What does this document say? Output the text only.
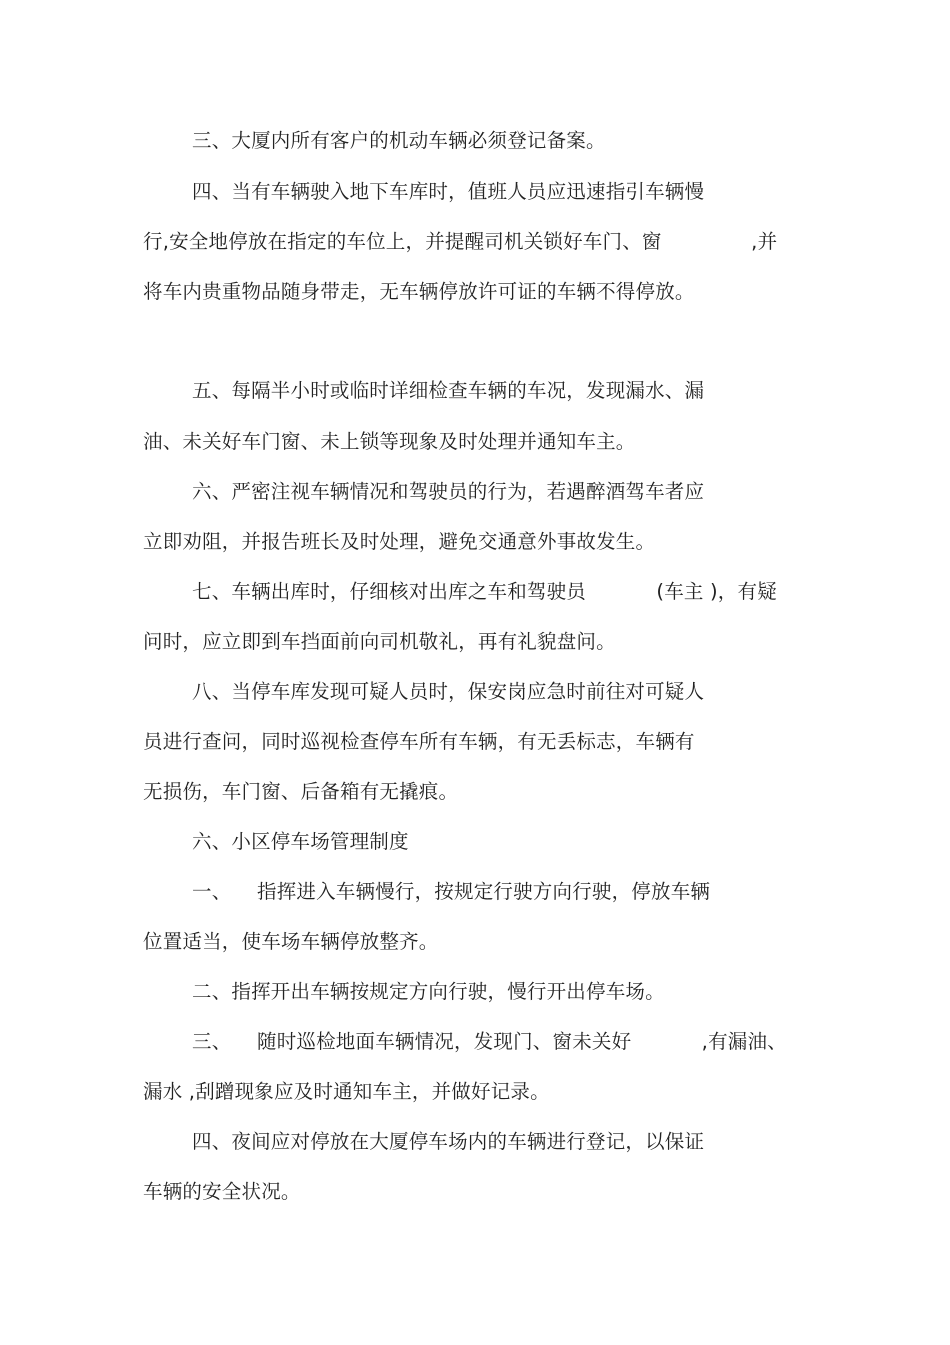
三、大厦内所有客户的机动车辆必须登记备案。
四、当有车辆驶入地下车库时，值班人员应迅速指引车辆慢
行,安全地停放在指定的车位上，并提醒司机关锁好车门、窗              ,并
将车内贵重物品随身带走，无车辆停放许可证的车辆不得停放。
五、每隔半小时或临时详细检查车辆的车况，发现漏水、漏
油、未关好车门窗、未上锁等现象及时处理并通知车主。
六、严密注视车辆情况和驾驶员的行为，若遇醉酒驾车者应
立即劝阻，并报告班长及时处理，避免交通意外事故发生。
七、车辆出库时，仔细核对出库之车和驾驶员           (车主 )，有疑
问时，应立即到车挡面前向司机敬礼，再有礼貌盘问。
八、当停车库发现可疑人员时，保安岗应急时前往对可疑人
员进行查问，同时巡视检查停车所有车辆，有无丢标志，车辆有
无损伤，车门窗、后备箱有无撬痕。
六、小区停车场管理制度
一、    指挥进入车辆慢行，按规定行驶方向行驶，停放车辆
位置适当，使车场车辆停放整齐。
二、指挥开出车辆按规定方向行驶，慢行开出停车场。
三、    随时巡检地面车辆情况，发现门、窗未关好           ,有漏油、
漏水 ,刮蹭现象应及时通知车主，并做好记录。
四、夜间应对停放在大厦停车场内的车辆进行登记，以保证
车辆的安全状况。
